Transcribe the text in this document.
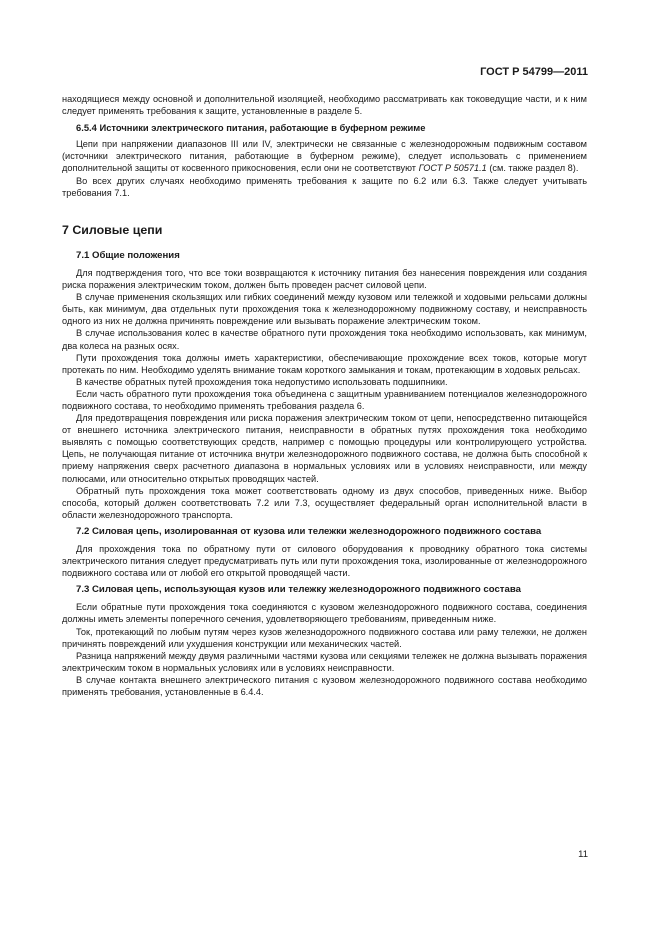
ГОСТ Р 54799—2011

находящиеся между основной и дополнительной изоляцией, необходимо рассматривать как токоведущие части, и к ним следует применять требования к защите, установленные в разделе 5.

6.5.4 Источники электрического питания, работающие в буферном режиме

Цепи при напряжении диапазонов III или IV, электрически не связанные с железнодорожным подвижным составом (источники электрического питания, работающие в буферном режиме), следует использовать с применением дополнительной защиты от косвенного прикосновения, если они не соответствуют ГОСТ Р 50571.1 (см. также раздел 8).

Во всех других случаях необходимо применять требования к защите по 6.2 или 6.3. Также следует учитывать требования 7.1.

7 Силовые цепи
7.1 Общие положения

Для подтверждения того, что все токи возвращаются к источнику питания без нанесения повреждения или создания риска поражения электрическим током, должен быть проведен расчет силовой цепи.

В случае применения скользящих или гибких соединений между кузовом или тележкой и ходовыми рельсами должны быть, как минимум, два отдельных пути прохождения тока к железнодорожному подвижному составу, и неисправность одного из них не должна причинять повреждение или вызывать поражение электрическим током.

В случае использования колес в качестве обратного пути прохождения тока необходимо использовать, как минимум, два колеса на разных осях.

Пути прохождения тока должны иметь характеристики, обеспечивающие прохождение всех токов, которые могут протекать по ним. Необходимо уделять внимание токам короткого замыкания и токам, протекающим в ходовых рельсах.

В качестве обратных путей прохождения тока недопустимо использовать подшипники.

Если часть обратного пути прохождения тока объединена с защитным уравниванием потенциалов железнодорожного подвижного состава, то необходимо применять требования раздела 6.

Для предотвращения повреждения или риска поражения электрическим током от цепи, непосредственно питающейся от внешнего источника электрического питания, неисправности в обратных путях прохождения тока необходимо выявлять с помощью соответствующих средств, например с помощью процедуры или контролирующего устройства. Цепь, не получающая питание от источника внутри железнодорожного подвижного состава, не должна быть способной к приему напряжения сверх расчетного диапазона в нормальных условиях или в условиях неисправности, или между полюсами, или относительно открытых проводящих частей.

Обратный путь прохождения тока может соответствовать одному из двух способов, приведенных ниже. Выбор способа, который должен соответствовать 7.2 или 7.3, осуществляет федеральный орган исполнительной власти в области железнодорожного транспорта.

7.2 Силовая цепь, изолированная от кузова или тележки железнодорожного подвижного состава

Для прохождения тока по обратному пути от силового оборудования к проводнику обратного тока системы электрического питания следует предусматривать путь или пути прохождения тока, изолированные от железнодорожного подвижного состава или от любой его открытой проводящей части.

7.3 Силовая цепь, использующая кузов или тележку железнодорожного подвижного состава

Если обратные пути прохождения тока соединяются с кузовом железнодорожного подвижного состава, соединения должны иметь элементы поперечного сечения, удовлетворяющего требованиям, приведенным ниже.

Ток, протекающий по любым путям через кузов железнодорожного подвижного состава или раму тележки, не должен причинять повреждений или ухудшения конструкции или механических частей.

Разница напряжений между двумя различными частями кузова или секциями тележек не должна вызывать поражения электрическим током в нормальных условиях или в условиях неисправности.

В случае контакта внешнего электрического питания с кузовом железнодорожного подвижного состава необходимо применять требования, установленные в 6.4.4.

11
